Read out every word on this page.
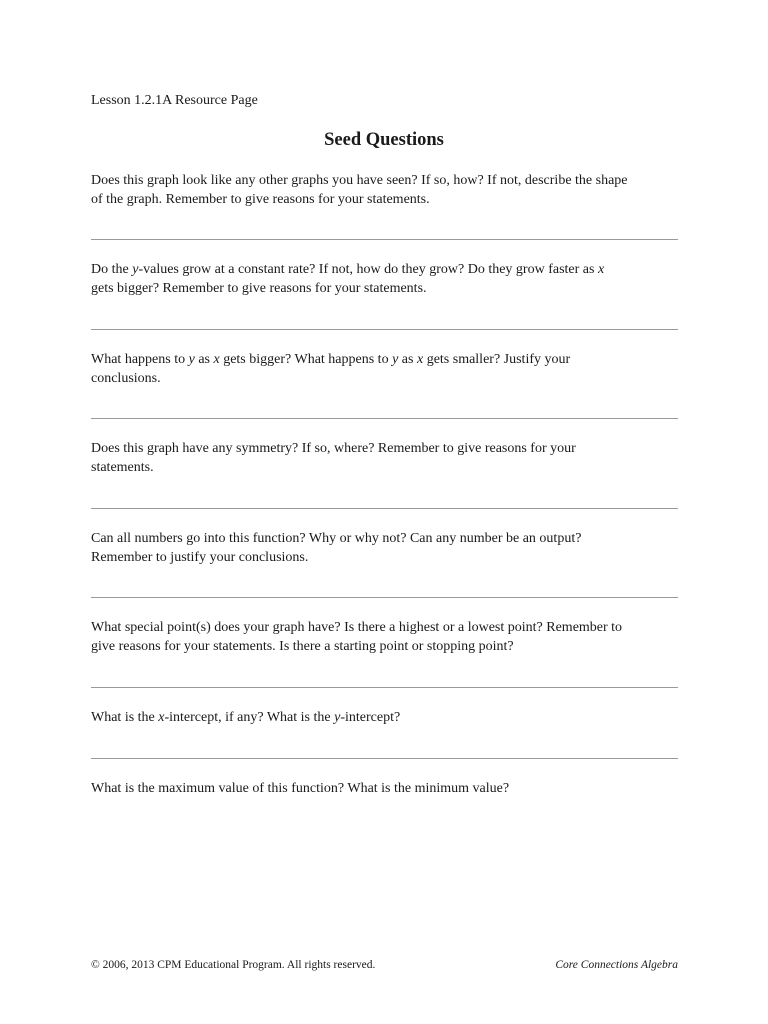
Lesson 1.2.1A Resource Page
Seed Questions
Does this graph look like any other graphs you have seen? If so, how? If not, describe the shape
of the graph. Remember to give reasons for your statements.
Do the y-values grow at a constant rate? If not, how do they grow? Do they grow faster as x
gets bigger? Remember to give reasons for your statements.
What happens to y as x gets bigger? What happens to y as x gets smaller? Justify your
conclusions.
Does this graph have any symmetry? If so, where? Remember to give reasons for your
statements.
Can all numbers go into this function? Why or why not? Can any number be an output?
Remember to justify your conclusions.
What special point(s) does your graph have? Is there a highest or a lowest point? Remember to
give reasons for your statements. Is there a starting point or stopping point?
What is the x-intercept, if any? What is the y-intercept?
What is the maximum value of this function? What is the minimum value?
© 2006, 2013 CPM Educational Program. All rights reserved.	Core Connections Algebra
